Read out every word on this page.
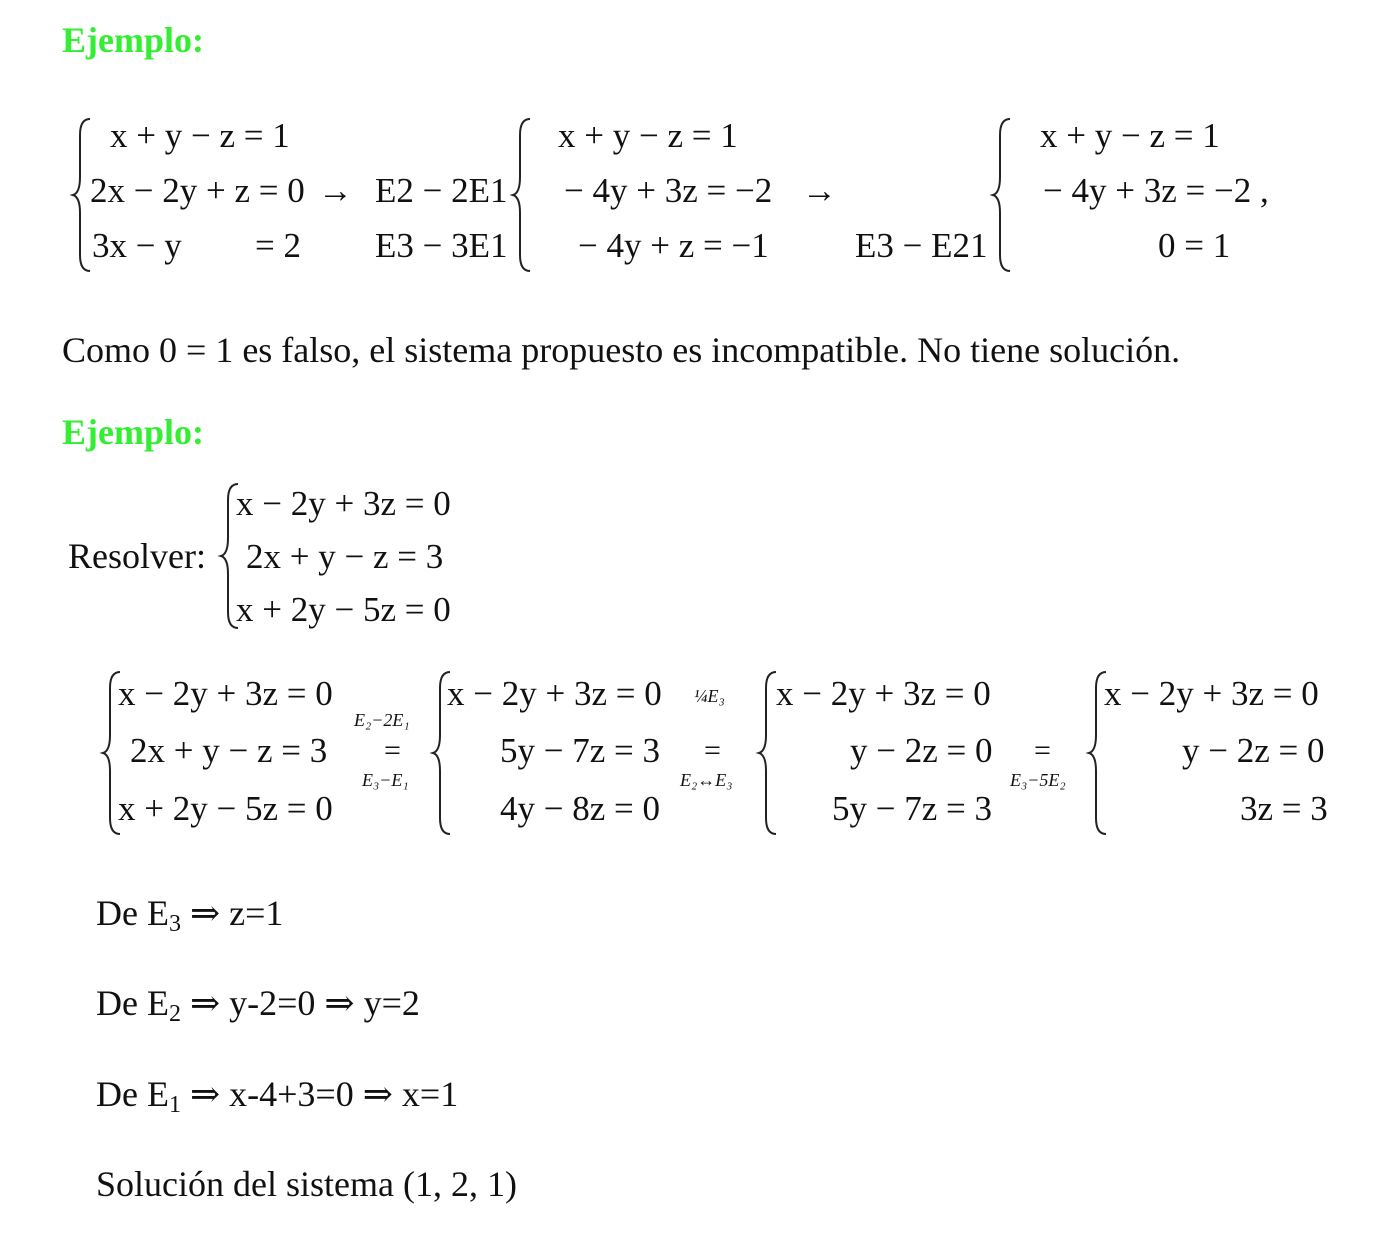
Ejemplo:
x + y − z = 1
2x − 2y + z = 0
3x − y = 2
→ E2 − 2E1
E3 − 3E1
x + y − z = 1
− 4y + 3z = −2
− 4y + z = −1
→
E3 − E21
x + y − z = 1
− 4y + 3z = −2 ,
0 = 1
Como 0 = 1 es falso, el sistema propuesto es incompatible. No tiene solución.
Ejemplo:
Resolver:
x − 2y + 3z = 0
2x + y − z = 3
x + 2y − 5z = 0
x − 2y + 3z = 0
2x + y − z = 3
x + 2y − 5z = 0
E₂−2E₁
=
E₃−E₁
x − 2y + 3z = 0
5y − 7z = 3
4y − 8z = 0
¼E₃
=
E₂↔E₃
x − 2y + 3z = 0
y − 2z = 0
5y − 7z = 3
=
E₃−5E₂
x − 2y + 3z = 0
y − 2z = 0
3z = 3
De $E_3$ ⇒ z=1
De $E_2$ ⇒ y-2=0 ⇒ y=2
De $E_1$ ⇒ x-4+3=0 ⇒ x=1
Solución del sistema (1, 2, 1)
